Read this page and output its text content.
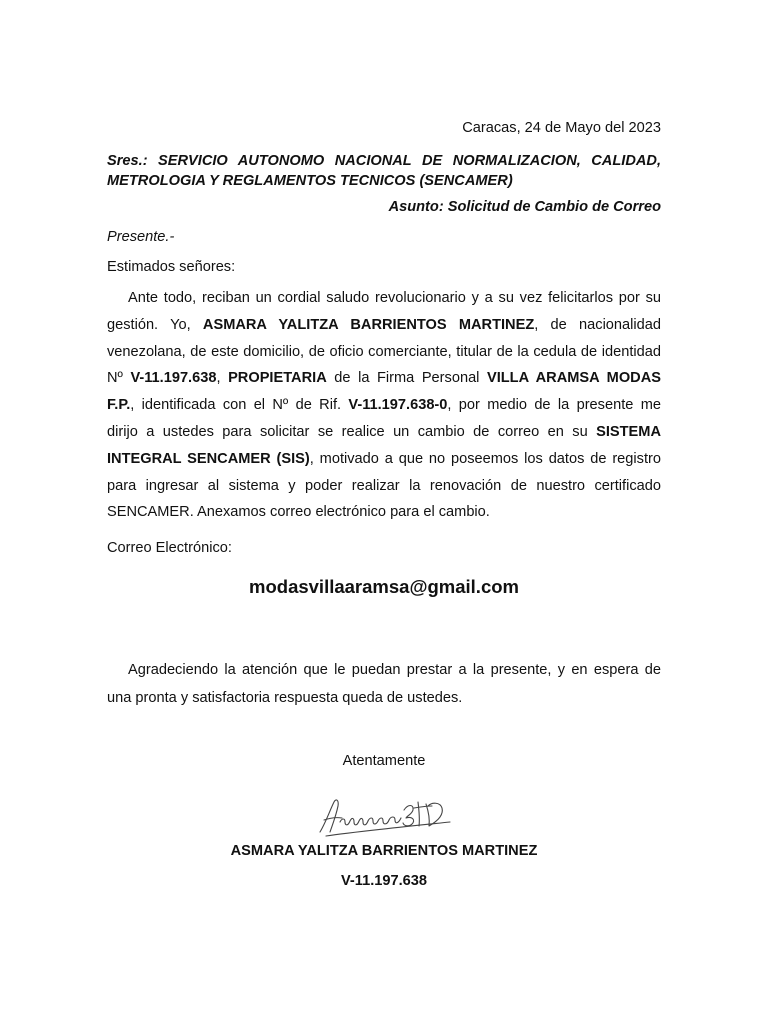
Caracas, 24 de Mayo del 2023
Sres.: SERVICIO AUTONOMO NACIONAL DE NORMALIZACION, CALIDAD,
METROLOGIA Y REGLAMENTOS TECNICOS (SENCAMER)
Asunto: Solicitud de Cambio de Correo
Presente.-
Estimados señores:
Ante todo, reciban un cordial saludo revolucionario y a su vez felicitarlos por su
gestión. Yo, ASMARA YALITZA BARRIENTOS MARTINEZ, de nacionalidad
venezolana, de este domicilio, de oficio comerciante, titular de la cedula de identidad
Nº V-11.197.638, PROPIETARIA de la Firma Personal VILLA ARAMSA MODAS
F.P., identificada con el Nº de Rif. V-11.197.638-0, por medio de la presente me
dirijo a ustedes para solicitar se realice un cambio de correo en su SISTEMA
INTEGRAL SENCAMER (SIS), motivado a que no poseemos los datos de registro
para ingresar al sistema y poder realizar la renovación de nuestro certificado
SENCAMER. Anexamos correo electrónico para el cambio.
Correo Electrónico:
modasvillaaramsa@gmail.com
Agradeciendo la atención que le puedan prestar a la presente, y en espera de
una pronta y satisfactoria respuesta queda de ustedes.
Atentamente
ASMARA YALITZA BARRIENTOS MARTINEZ
V-11.197.638
